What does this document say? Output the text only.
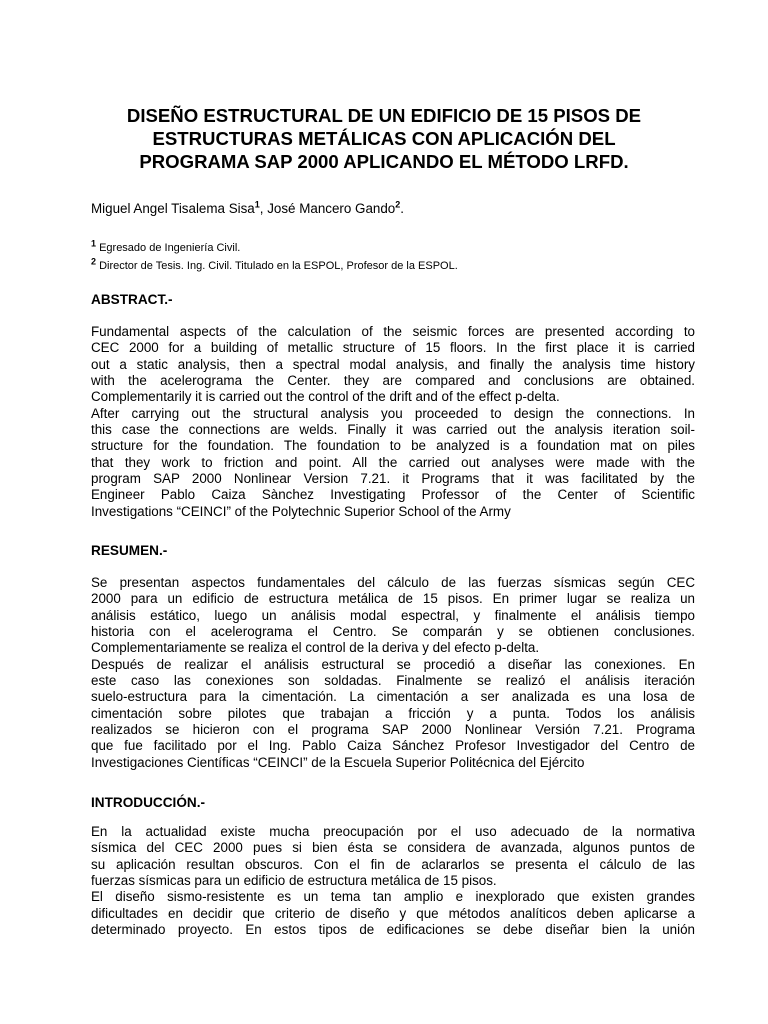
DISEÑO ESTRUCTURAL DE UN EDIFICIO DE 15 PISOS DE
ESTRUCTURAS METÁLICAS CON APLICACIÓN DEL
PROGRAMA SAP 2000 APLICANDO EL MÉTODO LRFD.
Miguel Angel Tisalema Sisa$^1$, José Mancero Gando$^2$.
$^1$ Egresado de Ingeniería Civil.
$^2$ Director de Tesis. Ing. Civil. Titulado en la ESPOL, Profesor de la ESPOL.
ABSTRACT.-
Fundamental aspects of the calculation of the seismic forces are presented according to
CEC 2000 for a building of metallic structure of 15 floors. In the first place it is carried
out a static analysis, then a spectral modal analysis, and finally the analysis time history
with the acelerograma the Center. they are compared and conclusions are obtained.
Complementarily it is carried out the control of the drift and of the effect p-delta.
After carrying out the structural analysis you proceeded to design the connections. In
this case the connections are welds. Finally it was carried out the analysis iteration soil-
structure for the foundation. The foundation to be analyzed is a foundation mat on piles
that they work to friction and point. All the carried out analyses were made with the
program SAP 2000 Nonlinear Version 7.21. it Programs that it was facilitated by the
Engineer Pablo Caiza Sànchez Investigating Professor of the Center of Scientific
Investigations “CEINCI” of the Polytechnic Superior School of the Army
RESUMEN.-
Se presentan aspectos fundamentales del cálculo de las fuerzas sísmicas según CEC
2000 para un edificio de estructura metálica de 15 pisos. En primer lugar se realiza un
análisis estático, luego un análisis modal espectral, y finalmente el análisis tiempo
historia con el acelerograma el Centro. Se comparán y se obtienen conclusiones.
Complementariamente se realiza el control de la deriva y del efecto p-delta.
Después de realizar el análisis estructural se procedió a diseñar las conexiones. En
este caso las conexiones son soldadas. Finalmente se realizó el análisis iteración
suelo-estructura para la cimentación. La cimentación a ser analizada es una losa de
cimentación sobre pilotes que trabajan a fricción y a punta. Todos los análisis
realizados se hicieron con el programa SAP 2000 Nonlinear Versión 7.21. Programa
que fue facilitado por el Ing. Pablo Caiza Sánchez Profesor Investigador del Centro de
Investigaciones Científicas “CEINCI” de la Escuela Superior Politécnica del Ejército
INTRODUCCIÓN.-
En la actualidad existe mucha preocupación por el uso adecuado de la normativa
sísmica del CEC 2000 pues si bien ésta se considera de avanzada, algunos puntos de
su aplicación resultan obscuros. Con el fin de aclararlos se presenta el cálculo de las
fuerzas sísmicas para un edificio de estructura metálica de 15 pisos.
El diseño sismo-resistente es un tema tan amplio e inexplorado que existen grandes
dificultades en decidir que criterio de diseño y que métodos analíticos deben aplicarse a
determinado proyecto. En estos tipos de edificaciones se debe diseñar bien la unión
